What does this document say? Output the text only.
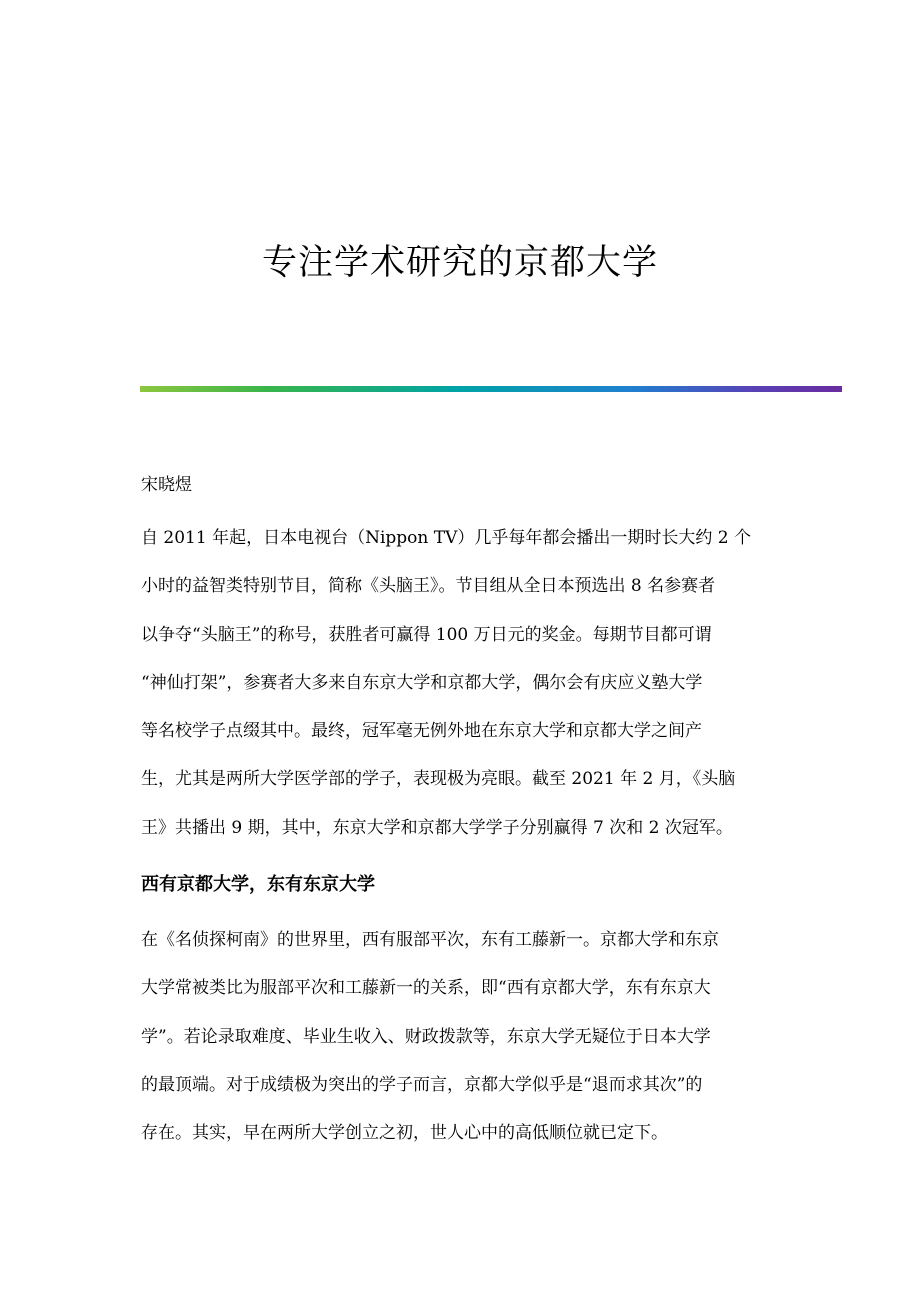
专注学术研究的京都大学
宋晓煜

自 2011 年起，日本电视台（Nippon TV）几乎每年都会播出一期时长大约 2 个
小时的益智类特别节目，简称《头脑王》。节目组从全日本预选出 8 名参赛者
以争夺“头脑王”的称号，获胜者可赢得 100 万日元的奖金。每期节目都可谓
“神仙打架”，参赛者大多来自东京大学和京都大学，偶尔会有庆应义塾大学
等名校学子点缀其中。最终，冠军毫无例外地在东京大学和京都大学之间产
生，尤其是两所大学医学部的学子，表现极为亮眼。截至 2021 年 2 月，《头脑
王》共播出 9 期，其中，东京大学和京都大学学子分别赢得 7 次和 2 次冠军。

西有京都大学，东有东京大学

在《名侦探柯南》的世界里，西有服部平次，东有工藤新一。京都大学和东京
大学常被类比为服部平次和工藤新一的关系，即“西有京都大学，东有东京大
学”。若论录取难度、毕业生收入、财政拨款等，东京大学无疑位于日本大学
的最顶端。对于成绩极为突出的学子而言，京都大学似乎是“退而求其次”的
存在。其实，早在两所大学创立之初，世人心中的高低顺位就已定下。
